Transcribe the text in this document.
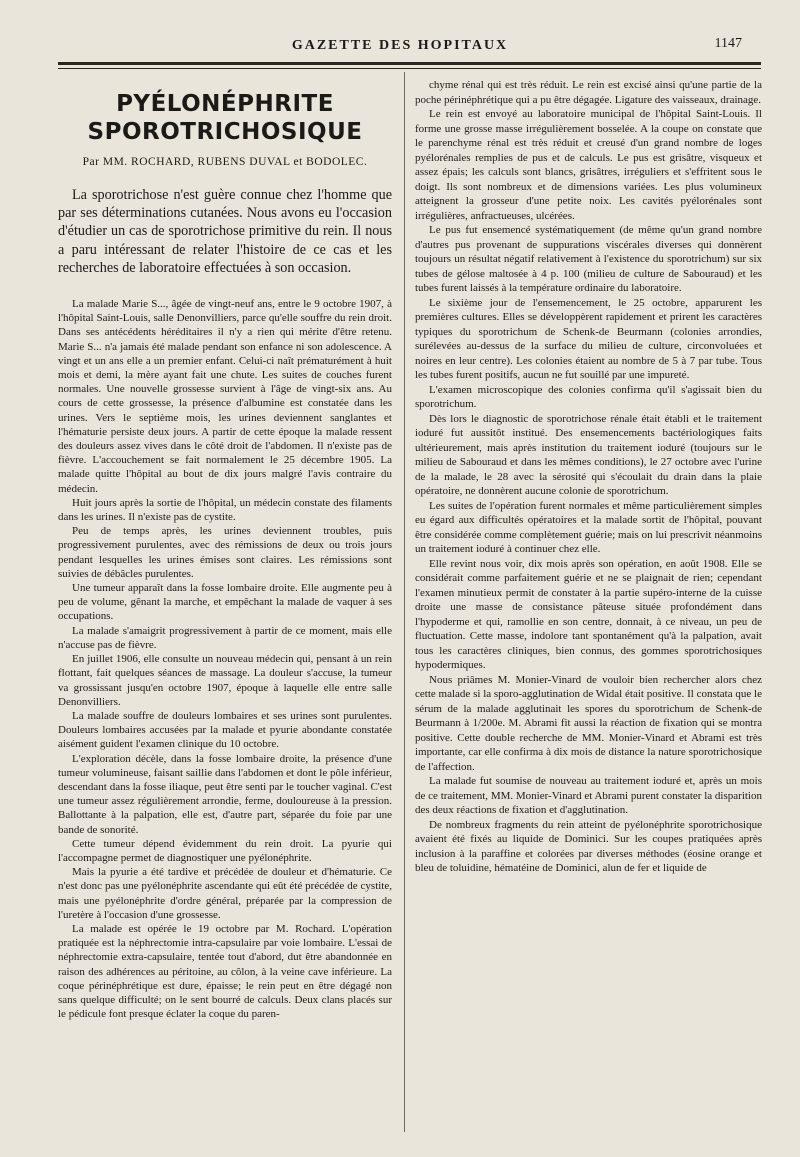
GAZETTE DES HOPITAUX	1147
PYÉLONÉPHRITE SPOROTRICHOSIQUE
Par MM. ROCHARD, RUBENS DUVAL et BODOLEC.

La sporotrichose n'est guère connue chez l'homme que par ses déterminations cutanées. Nous avons eu l'occasion d'étudier un cas de sporotrichose primitive du rein. Il nous a paru intéressant de relater l'histoire de ce cas et les recherches de laboratoire effectuées à son occasion.

La malade Marie S..., âgée de vingt-neuf ans, entre le 9 octobre 1907, à l'hôpital Saint-Louis, salle Denonvilliers, parce qu'elle souffre du rein droit. Dans ses antécédents héréditaires il n'y a rien qui mérite d'être retenu. Marie S... n'a jamais été malade pendant son enfance ni son adolescence. A vingt et un ans elle a un premier enfant. Celui-ci naît prématurément à huit mois et demi, la mère ayant fait une chute. Les suites de couches furent normales. Une nouvelle grossesse survient à l'âge de vingt-six ans. Au cours de cette grossesse, la présence d'albumine est constatée dans les urines. Vers le septième mois, les urines deviennent sanglantes et l'hématurie persiste deux jours. A partir de cette époque la malade ressent des douleurs assez vives dans le côté droit de l'abdomen. Il n'existe pas de fièvre. L'accouchement se fait normalement le 25 décembre 1905. La malade quitte l'hôpital au bout de dix jours malgré l'avis contraire du médecin.

Huit jours après la sortie de l'hôpital, un médecin constate des filaments dans les urines. Il n'existe pas de cystite.

Peu de temps après, les urines deviennent troubles, puis progressivement purulentes, avec des rémissions de deux ou trois jours pendant lesquelles les urines émises sont claires. Les rémissions sont suivies de débâcles purulentes.

Une tumeur apparaît dans la fosse lombaire droite. Elle augmente peu à peu de volume, gênant la marche, et empêchant la malade de vaquer à ses occupations.

La malade s'amaigrit progressivement à partir de ce moment, mais elle n'accuse pas de fièvre.

En juillet 1906, elle consulte un nouveau médecin qui, pensant à un rein flottant, fait quelques séances de massage. La douleur s'accuse, la tumeur va grossissant jusqu'en octobre 1907, époque à laquelle elle entre salle Denonvilliers.

La malade souffre de douleurs lombaires et ses urines sont purulentes. Douleurs lombaires accusées par la malade et pyurie abondante constatée aisément guident l'examen clinique du 10 octobre.

L'exploration décèle, dans la fosse lombaire droite, la présence d'une tumeur volumineuse, faisant saillie dans l'abdomen et dont le pôle inférieur, descendant dans la fosse iliaque, peut être senti par le toucher vaginal. C'est une tumeur assez régulièrement arrondie, ferme, douloureuse à la pression. Ballottante à la palpation, elle est, d'autre part, séparée du foie par une bande de sonorité.

Cette tumeur dépend évidemment du rein droit. La pyurie qui l'accompagne permet de diagnostiquer une pyélonéphrite.

Mais la pyurie a été tardive et précédée de douleur et d'hématurie. Ce n'est donc pas une pyélonéphrite ascendante qui eût été précédée de cystite, mais une pyélonéphrite d'ordre général, préparée par la compression de l'uretère à l'occasion d'une grossesse.

La malade est opérée le 19 octobre par M. Rochard. L'opération pratiquée est la néphrectomie intra-capsulaire par voie lombaire. L'essai de néphrectomie extra-capsulaire, tentée tout d'abord, dut être abandonnée en raison des adhérences au péritoine, au côlon, à la veine cave inférieure. La coque périnéphrétique est dure, épaisse; le rein peut en être dégagé non sans quelque difficulté; on le sent bourré de calculs. Deux clans placés sur le pédicule font presque éclater la coque du paren-

chyme rénal qui est très réduit. Le rein est excisé ainsi qu'une partie de la poche périnéphrétique qui a pu être dégagée. Ligature des vaisseaux, drainage.

Le rein est envoyé au laboratoire municipal de l'hôpital Saint-Louis. Il forme une grosse masse irrégulièrement bosselée. A la coupe on constate que le parenchyme rénal est très réduit et creusé d'un grand nombre de loges pyélorénales remplies de pus et de calculs. Le pus est grisâtre, visqueux et assez épais; les calculs sont blancs, grisâtres, irréguliers et s'effritent sous le doigt. Ils sont nombreux et de dimensions variées. Les plus volumineux atteignent la grosseur d'une petite noix. Les cavités pyélorénales sont irrégulières, anfractueuses, ulcérées.

Le pus fut ensemencé systématiquement (de même qu'un grand nombre d'autres pus provenant de suppurations viscérales diverses qui donnèrent toujours un résultat négatif relativement à l'existence du sporotrichum) sur six tubes de gélose maltosée à 4 p. 100 (milieu de culture de Sabouraud) et les tubes furent laissés à la température ordinaire du laboratoire.

Le sixième jour de l'ensemencement, le 25 octobre, apparurent les premières cultures. Elles se développèrent rapidement et prirent les caractères typiques du sporotrichum de Schenk-de Beurmann (colonies arrondies, surélevées au-dessus de la surface du milieu de culture, circonvoluées et noires en leur centre). Les colonies étaient au nombre de 5 à 7 par tube. Tous les tubes furent positifs, aucun ne fut souillé par une impureté.

L'examen microscopique des colonies confirma qu'il s'agissait bien du sporotrichum.

Dès lors le diagnostic de sporotrichose rénale était établi et le traitement ioduré fut aussitôt institué. Des ensemencements bactériologiques faits ultérieurement, mais après institution du traitement ioduré (toujours sur le milieu de Sabouraud et dans les mêmes conditions), le 27 octobre avec l'urine de la malade, le 28 avec la sérosité qui s'écoulait du drain dans la plaie opératoire, ne donnèrent aucune colonie de sporotrichum.

Les suites de l'opération furent normales et même particulièrement simples eu égard aux difficultés opératoires et la malade sortit de l'hôpital, pouvant être considérée comme complètement guérie; mais on lui prescrivit néanmoins un traitement ioduré à continuer chez elle.

Elle revint nous voir, dix mois après son opération, en août 1908. Elle se considérait comme parfaitement guérie et ne se plaignait de rien; cependant l'examen minutieux permit de constater à la partie supéro-interne de la cuisse droite une masse de consistance pâteuse située profondément dans l'hypoderme et qui, ramollie en son centre, donnait, à ce niveau, un peu de fluctuation. Cette masse, indolore tant spontanément qu'à la palpation, avait tous les caractères cliniques, bien connus, des gommes sporotrichosiques hypodermiques.

Nous priâmes M. Monier-Vinard de vouloir bien rechercher alors chez cette malade si la sporo-agglutination de Widal était positive. Il constata que le sérum de la malade agglutinait les spores du sporotrichum de Schenk-de Beurmann à 1/200e. M. Abrami fit aussi la réaction de fixation qui se montra positive. Cette double recherche de MM. Monier-Vinard et Abrami est très importante, car elle confirma à dix mois de distance la nature sporotrichosique de l'affection.

La malade fut soumise de nouveau au traitement ioduré et, après un mois de ce traitement, MM. Monier-Vinard et Abrami purent constater la disparition des deux réactions de fixation et d'agglutination.

De nombreux fragments du rein atteint de pyélonéphrite sporotrichosique avaient été fixés au liquide de Dominici. Sur les coupes pratiquées après inclusion à la paraffine et colorées par diverses méthodes (éosine orange et bleu de toluidine, hématéine de Dominici, alun de fer et liquide de
